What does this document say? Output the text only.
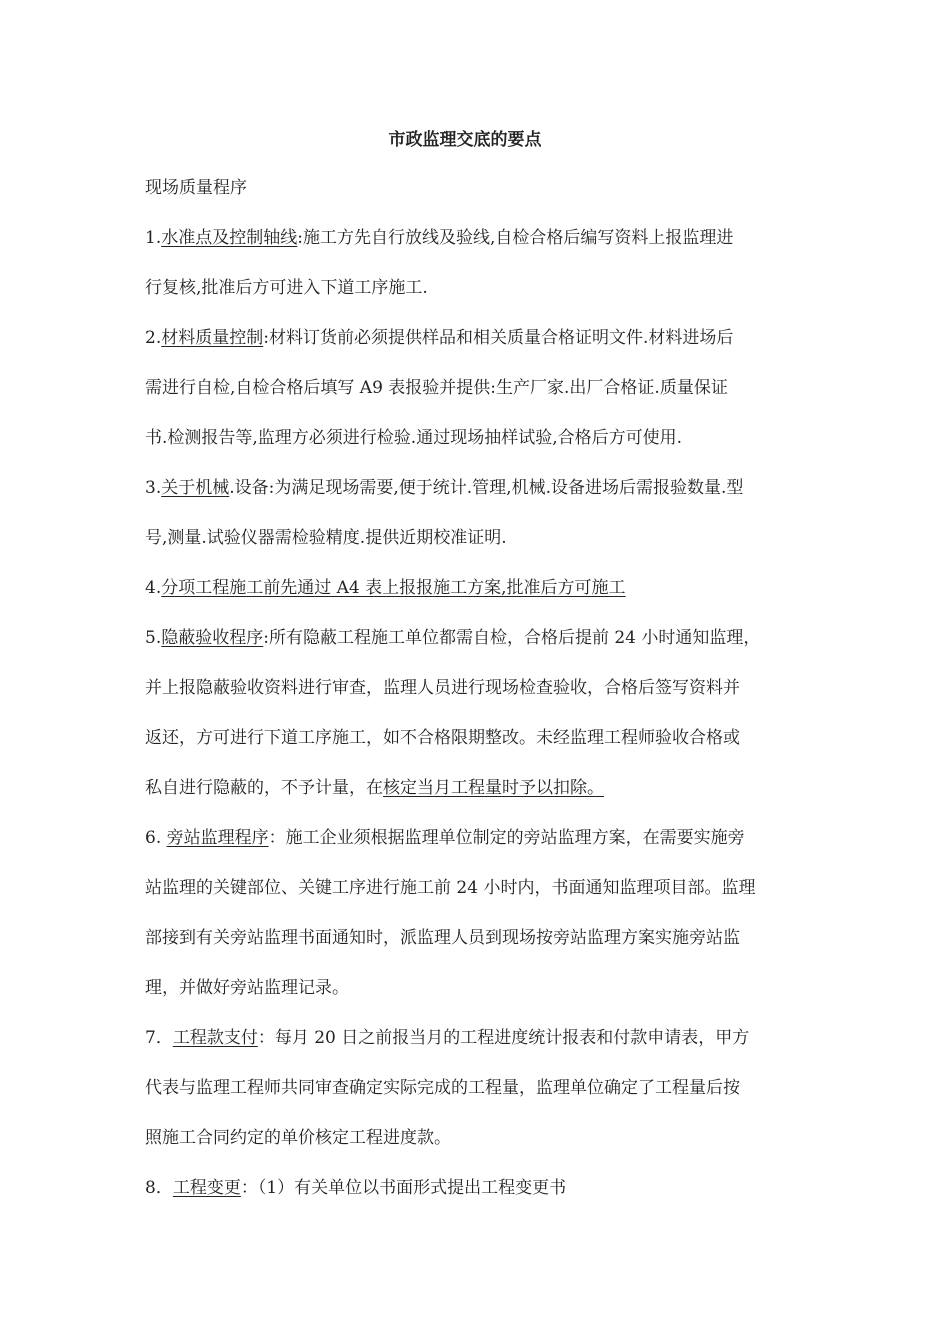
市政监理交底的要点
现场质量程序
1.水准点及控制轴线:施工方先自行放线及验线,自检合格后编写资料上报监理进
行复核,批准后方可进入下道工序施工.
2.材料质量控制:材料订货前必须提供样品和相关质量合格证明文件.材料进场后
需进行自检,自检合格后填写 A9 表报验并提供:生产厂家.出厂合格证.质量保证
书.检测报告等,监理方必须进行检验.通过现场抽样试验,合格后方可使用.
3.关于机械.设备:为满足现场需要,便于统计.管理,机械.设备进场后需报验数量.型
号,测量.试验仪器需检验精度.提供近期校准证明.
4.分项工程施工前先通过 A4 表上报报施工方案,批准后方可施工
5.隐蔽验收程序:所有隐蔽工程施工单位都需自检，合格后提前 24 小时通知监理，
并上报隐蔽验收资料进行审查，监理人员进行现场检查验收，合格后签写资料并
返还，方可进行下道工序施工，如不合格限期整改。未经监理工程师验收合格或
私自进行隐蔽的，不予计量，在核定当月工程量时予以扣除。
6. 旁站监理程序：施工企业须根据监理单位制定的旁站监理方案，在需要实施旁
站监理的关键部位、关键工序进行施工前 24 小时内，书面通知监理项目部。监理
部接到有关旁站监理书面通知时，派监理人员到现场按旁站监理方案实施旁站监
理，并做好旁站监理记录。
7．工程款支付：每月 20 日之前报当月的工程进度统计报表和付款申请表，甲方
代表与监理工程师共同审查确定实际完成的工程量，监理单位确定了工程量后按
照施工合同约定的单价核定工程进度款。
8．工程变更：（1）有关单位以书面形式提出工程变更书
